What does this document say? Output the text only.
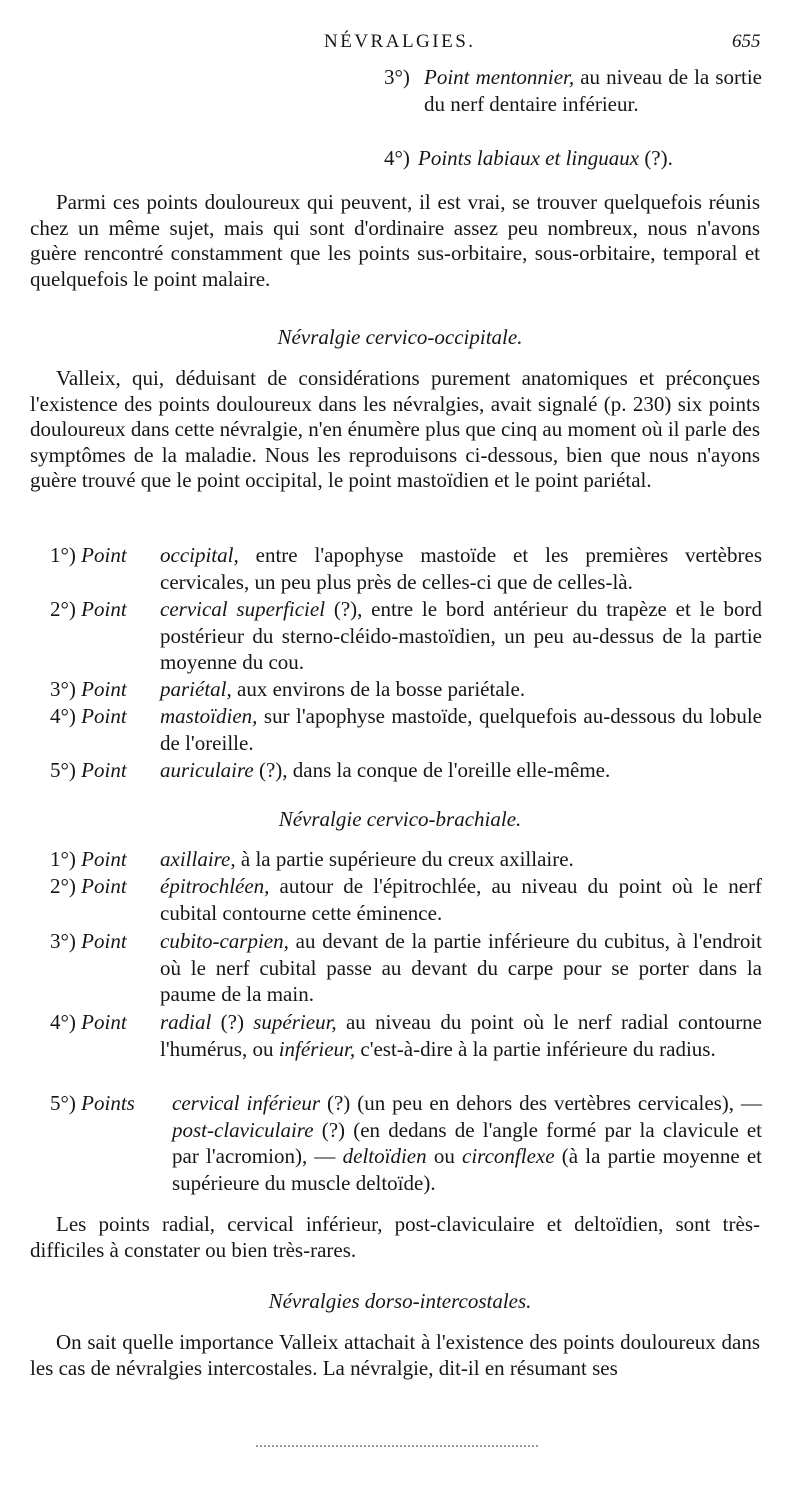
NÉVRALGIES.	655
3°) Point mentonnier, au niveau de la sortie du nerf dentaire inférieur.
4°) Points labiaux et linguaux (?).

Parmi ces points douloureux qui peuvent, il est vrai, se trouver quelquefois réunis chez un même sujet, mais qui sont d'ordinaire assez peu nombreux, nous n'avons guère rencontré constamment que les points sus-orbitaire, sous-orbitaire, temporal et quelquefois le point malaire.

Névralgie cervico-occipitale.

Valleix, qui, déduisant de considérations purement anatomiques et préconçues l'existence des points douloureux dans les névralgies, avait signalé (p. 230) six points douloureux dans cette névralgie, n'en énumère plus que cinq au moment où il parle des symptômes de la maladie. Nous les reproduisons ci-dessous, bien que nous n'ayons guère trouvé que le point occipital, le point mastoïdien et le point pariétal.

1°) Point occipital, entre l'apophyse mastoïde et les premières vertèbres cervicales, un peu plus près de celles-ci que de celles-là.
2°) Point cervical superficiel (?), entre le bord antérieur du trapèze et le bord postérieur du sterno-cléido-mastoïdien, un peu au-dessus de la partie moyenne du cou.
3°) Point pariétal, aux environs de la bosse pariétale.
4°) Point mastoïdien, sur l'apophyse mastoïde, quelquefois au-dessous du lobule de l'oreille.
5°) Point auriculaire (?), dans la conque de l'oreille elle-même.
Névralgie cervico-brachiale.
1°) Point axillaire, à la partie supérieure du creux axillaire.
2°) Point épitrochléen, autour de l'épitrochlée, au niveau du point où le nerf cubital contourne cette éminence.
3°) Point cubito-carpien, au devant de la partie inférieure du cubitus, à l'endroit où le nerf cubital passe au devant du carpe pour se porter dans la paume de la main.
4°) Point radial (?) supérieur, au niveau du point où le nerf radial contourne l'humérus, ou inférieur, c'est-à-dire à la partie inférieure du radius.
5°) Points cervical inférieur (?) (un peu en dehors des vertèbres cervicales), — post-claviculaire (?) (en dedans de l'angle formé par la clavicule et par l'acromion), — deltoïdien ou circonflexe (à la partie moyenne et supérieure du muscle deltoïde).

Les points radial, cervical inférieur, post-claviculaire et deltoïdien, sont très-difficiles à constater ou bien très-rares.

Névralgies dorso-intercostales.

On sait quelle importance Valleix attachait à l'existence des points douloureux dans les cas de névralgies intercostales. La névralgie, dit-il en résumant ses
